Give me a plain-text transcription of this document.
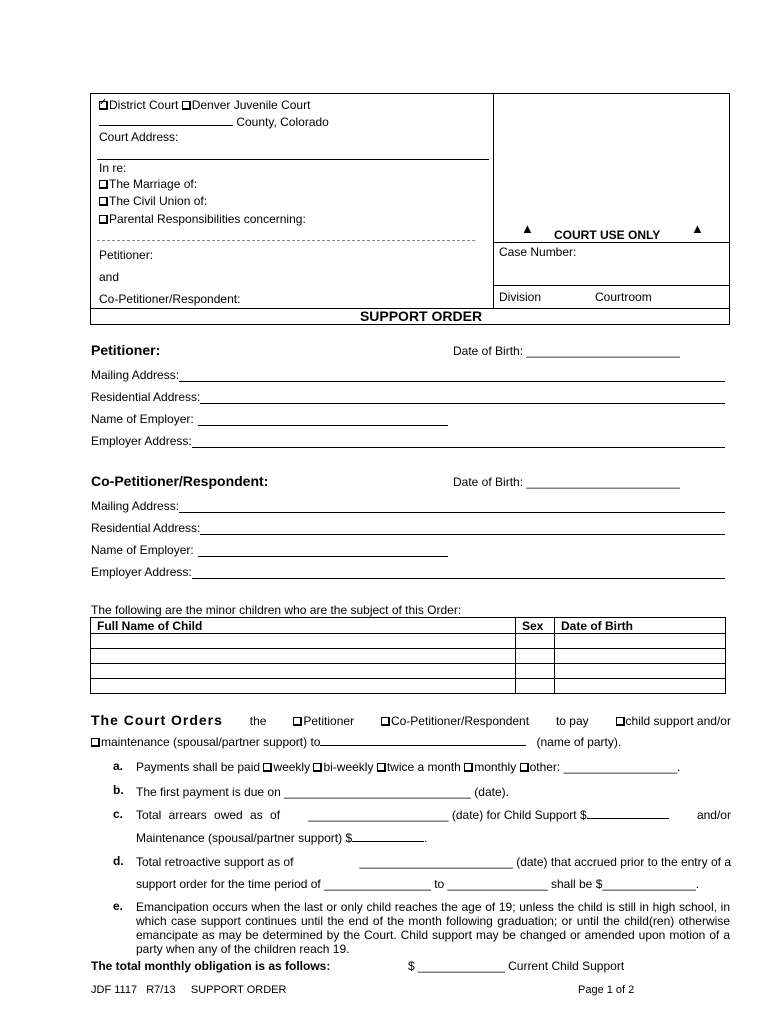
✓District Court Denver Juvenile Court
County, Colorado
Court Address:
In re:
The Marriage of:
The Civil Union of:
Parental Responsibilities concerning:
Petitioner:
and
Co-Petitioner/Respondent:
▲ COURT USE ONLY ▲
Case Number:
Division	Courtroom
SUPPORT ORDER
Petitioner:	Date of Birth: _______________________
Mailing Address:
Residential Address:
Name of Employer:
Employer Address:
Co-Petitioner/Respondent:	Date of Birth: _______________________
Mailing Address:
Residential Address:
Name of Employer:
Employer Address:
The following are the minor children who are the subject of this Order:
Full Name of Child	Sex	Date of Birth

The Court Orders the	Petitioner	Co-Petitioner/Respondent to pay	child support and/or
maintenance (spousal/partner support) to	(name of party).
a. Payments shall be paid weekly bi-weekly twice a month monthly other: _________________.
b. The first payment is due on ____________________________ (date).
c. Total arrears owed as of _____________________ (date) for Child Support $	and/or
Maintenance (spousal/partner support) $	.
d. Total retroactive support as of	_______________________ (date) that accrued prior to the entry of a
support order for the time period of ________________ to _______________ shall be $______________.
e. Emancipation occurs when the last or only child reaches the age of 19; unless the child is still in high school, in which case support continues until the end of the month following graduation; or until the child(ren) otherwise emancipate as may be determined by the Court. Child support may be changed or amended upon motion of a party when any of the children reach 19.
The total monthly obligation is as follows:	$ _____________ Current Child Support
JDF 1117   R7/13     SUPPORT ORDER	Page 1 of 2
